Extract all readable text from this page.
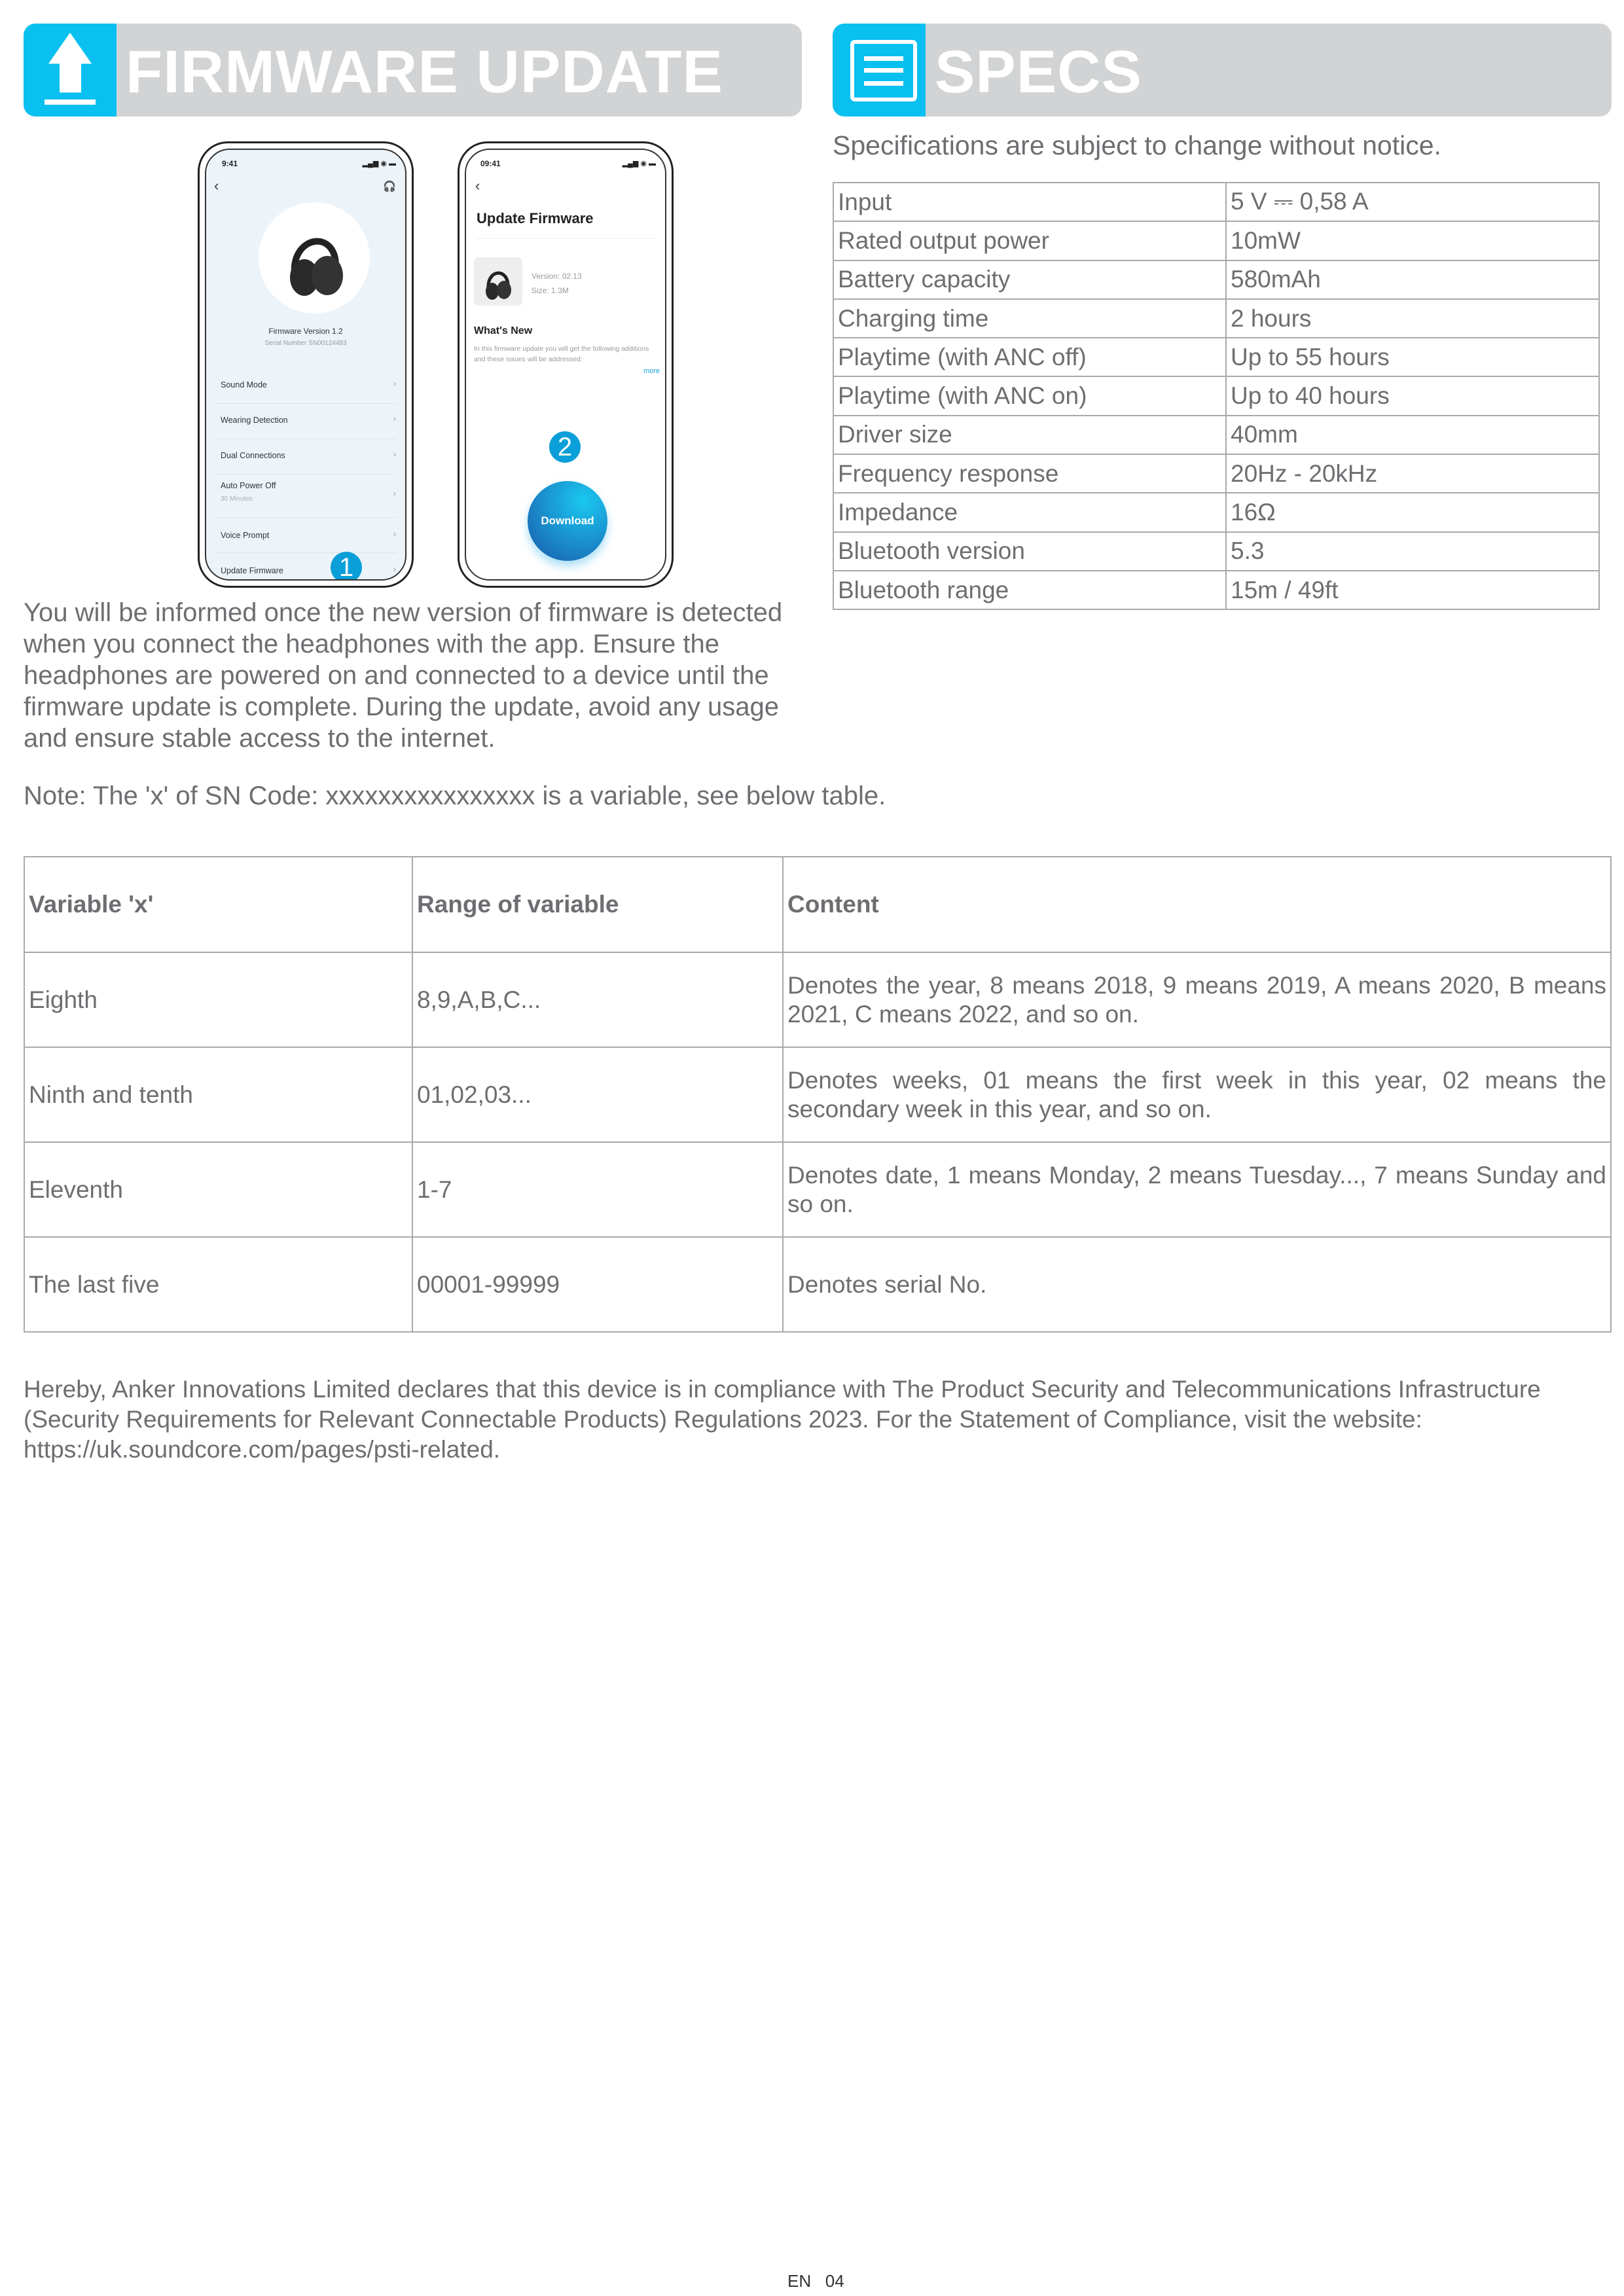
FIRMWARE UPDATE	SPECS
9:41	▂▄▆ ◉ ▬
‹	🎧
Firmware Version 1.2
Serial Number SN00124483
Sound Mode	›
Wearing Detection	›
Dual Connections	›
Auto Power Off
30 Minutes
›
Voice Prompt	›
Update Firmware	›
1
09:41	▂▄▆ ◉ ▬
‹
Update Firmware
Version: 02.13
Size: 1.3M
What's New
In this firmware update you will get the following additions and these issues will be addressed:
more
2
Download
You will be informed once the new version of firmware is detected when you connect the headphones with the app. Ensure the headphones are powered on and connected to a device until the firmware update is complete. During the update, avoid any usage and ensure stable access to the internet.
Note: The 'x' of SN Code: xxxxxxxxxxxxxxxx is a variable, see below table.
Specifications are subject to change without notice.
Input	5 V ⎓ 0,58 A
Rated output power	10mW
Battery capacity	580mAh
Charging time	2 hours
Playtime (with ANC off)	Up to 55 hours
Playtime (with ANC on)	Up to 40 hours
Driver size	40mm
Frequency response	20Hz - 20kHz
Impedance	16Ω
Bluetooth version	5.3
Bluetooth range	15m / 49ft
Variable 'x'	Range of variable	Content
Eighth	8,9,A,B,C...	Denotes the year, 8 means 2018, 9 means 2019, A means 2020, B means 2021, C means 2022, and so on.
Ninth and tenth	01,02,03...	Denotes weeks, 01 means the first week in this year, 02 means the secondary week in this year, and so on.
Eleventh	1-7	Denotes date, 1 means Monday, 2 means Tuesday..., 7 means Sunday and so on.
The last five	00001-99999	Denotes serial No.
Hereby, Anker Innovations Limited declares that this device is in compliance with The Product Security and Telecommunications Infrastructure (Security Requirements for Relevant Connectable Products) Regulations 2023. For the Statement of Compliance, visit the website: https://uk.soundcore.com/pages/psti-related.
EN 04
